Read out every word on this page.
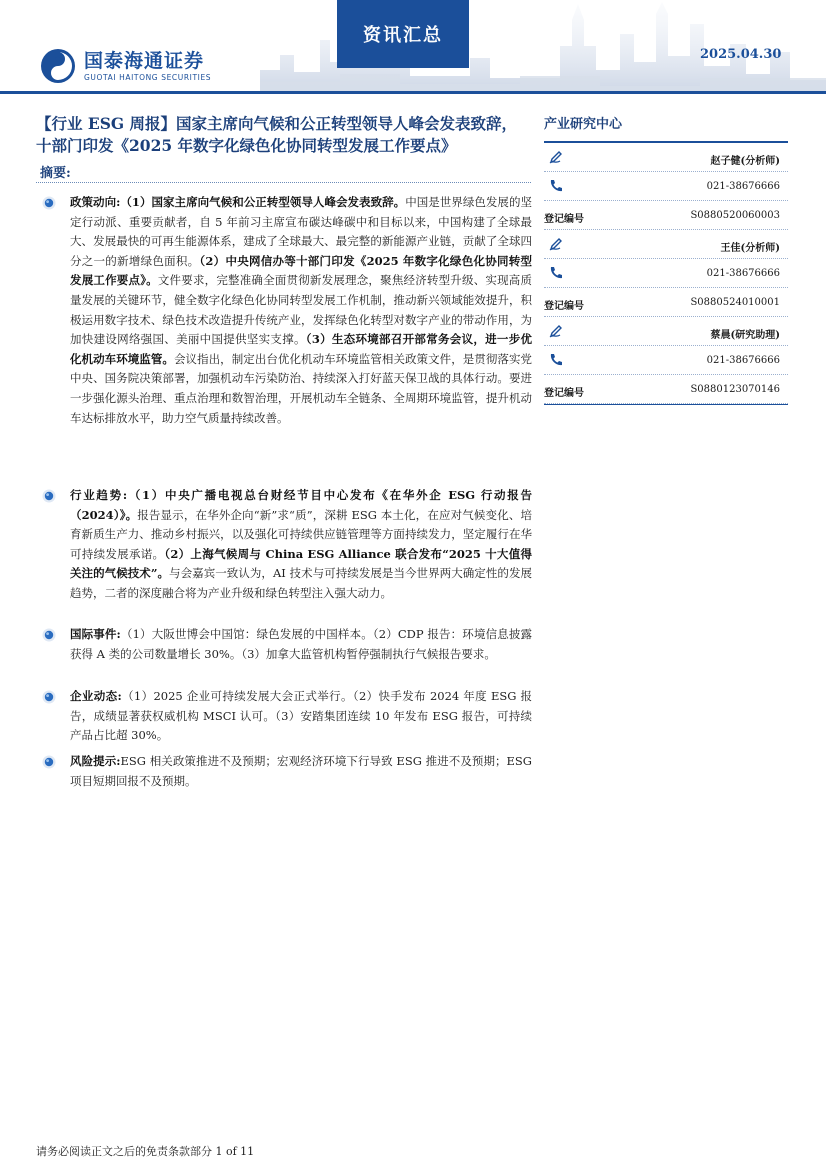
国泰海通证券
GUOTAI HAITONG SECURITIES
资讯汇总
2025.04.30
【行业 ESG 周报】国家主席向气候和公正转型领导人峰会发表致辞，十部门印发《2025 年数字化绿色化协同转型发展工作要点》
摘要:
政策动向:（1）国家主席向气候和公正转型领导人峰会发表致辞。中国是世界绿色发展的坚定行动派、重要贡献者，自 5 年前习主席宣布碳达峰碳中和目标以来，中国构建了全球最大、发展最快的可再生能源体系，建成了全球最大、最完整的新能源产业链，贡献了全球四分之一的新增绿色面积。（2）中央网信办等十部门印发《2025 年数字化绿色化协同转型发展工作要点》。文件要求，完整准确全面贯彻新发展理念，聚焦经济转型升级、实现高质量发展的关键环节，健全数字化绿色化协同转型发展工作机制，推动新兴领域能效提升，积极运用数字技术、绿色技术改造提升传统产业，发挥绿色化转型对数字产业的带动作用，为加快建设网络强国、美丽中国提供坚实支撑。（3）生态环境部召开部常务会议，进一步优化机动车环境监管。会议指出，制定出台优化机动车环境监管相关政策文件，是贯彻落实党中央、国务院决策部署，加强机动车污染防治、持续深入打好蓝天保卫战的具体行动。要进一步强化源头治理、重点治理和数智治理，开展机动车全链条、全周期环境监管，提升机动车达标排放水平，助力空气质量持续改善。
行业趋势:（1）中央广播电视总台财经节目中心发布《在华外企 ESG 行动报告（2024）》。报告显示，在华外企向“新”求“质”，深耕 ESG 本土化，在应对气候变化、培育新质生产力、推动乡村振兴，以及强化可持续供应链管理等方面持续发力，坚定履行在华可持续发展承诺。（2）上海气候周与 China ESG Alliance 联合发布“2025 十大值得关注的气候技术”。与会嘉宾一致认为，AI 技术与可持续发展是当今世界两大确定性的发展趋势，二者的深度融合将为产业升级和绿色转型注入强大动力。
国际事件:（1）大阪世博会中国馆：绿色发展的中国样本。（2）CDP 报告：环境信息披露获得 A 类的公司数量增长 30%。（3）加拿大监管机构暂停强制执行气候报告要求。
企业动态:（1）2025 企业可持续发展大会正式举行。（2）快手发布 2024 年度 ESG 报告，成绩显著获权威机构 MSCI 认可。（3）安踏集团连续 10 年发布 ESG 报告，可持续产品占比超 30%。
风险提示:ESG 相关政策推进不及预期；宏观经济环境下行导致 ESG 推进不及预期；ESG 项目短期回报不及预期。
产业研究中心
赵子健(分析师)
021-38676666
登记编号	S0880520060003
王佳(分析师)
021-38676666
登记编号	S0880524010001
蔡晨(研究助理)
021-38676666
登记编号	S0880123070146
请务必阅读正文之后的免责条款部分 1 of 11
